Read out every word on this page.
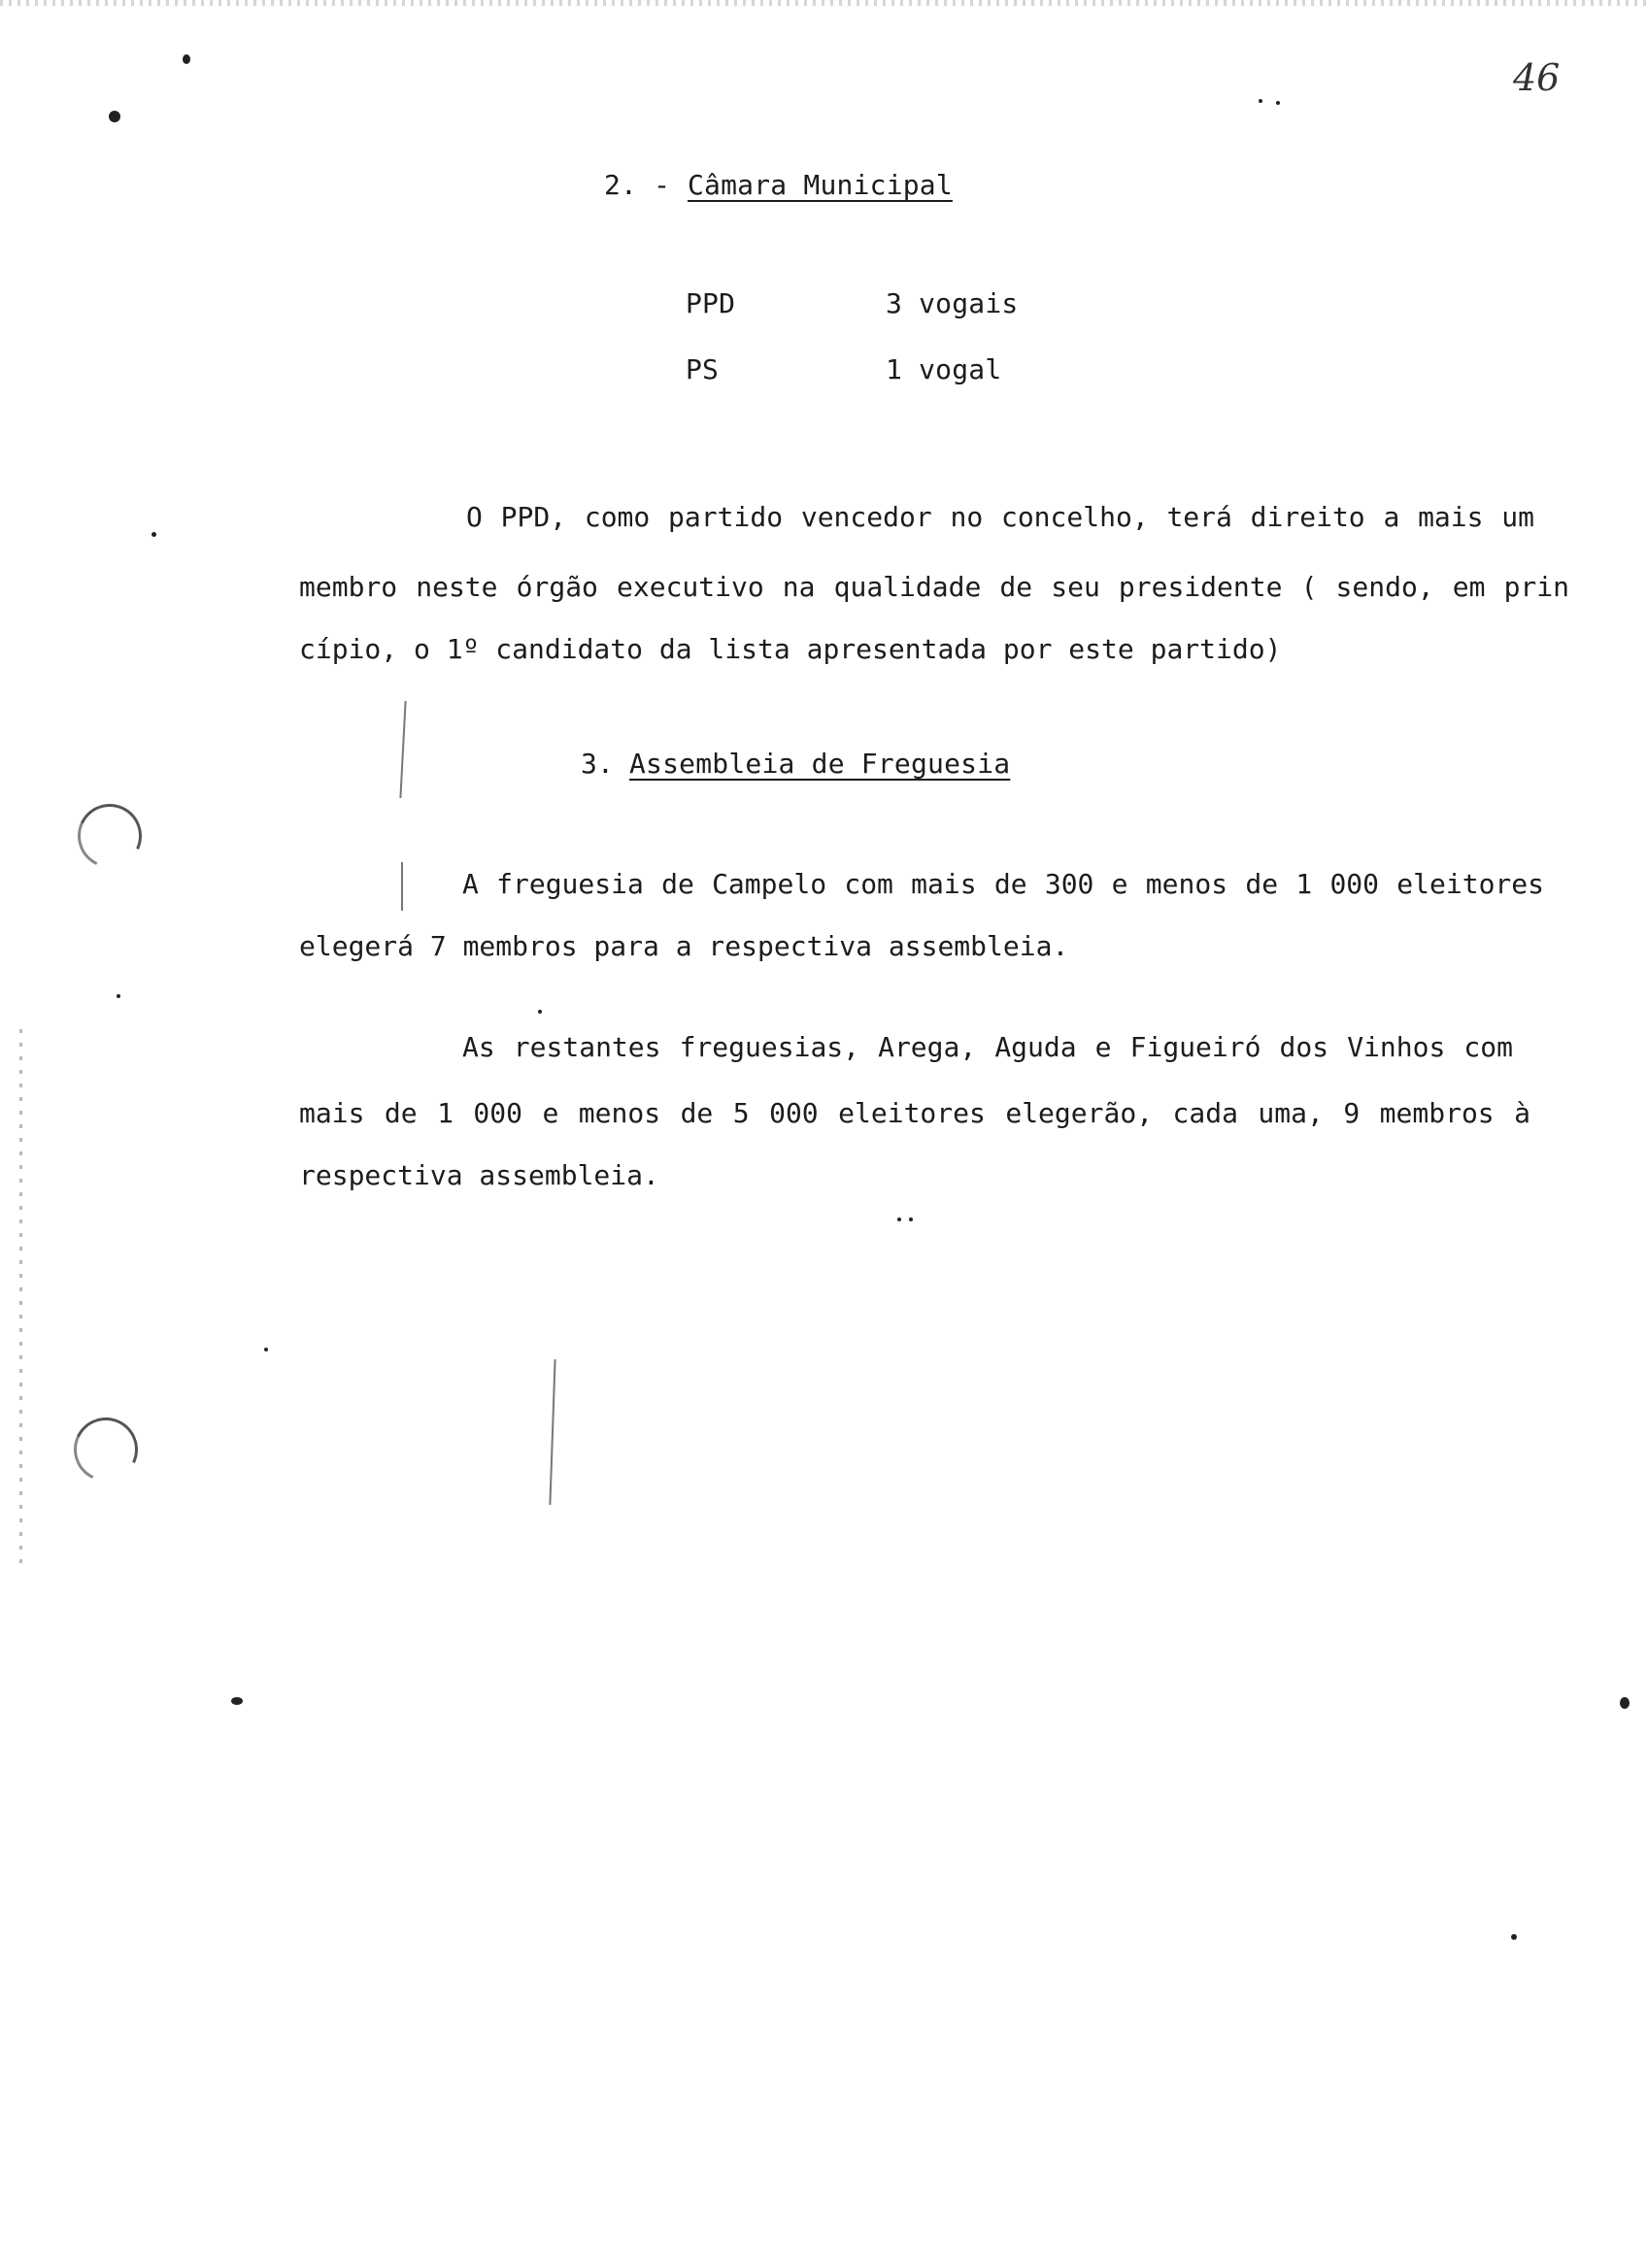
46
2. - Câmara Municipal
PPD	3 vogais
PS	1 vogal
O PPD, como partido vencedor no concelho, terá direito a mais um
membro neste órgão executivo na qualidade de seu presidente ( sendo, em prin
cípio, o 1º candidato da lista apresentada por este partido)
3. Assembleia de Freguesia
A freguesia de Campelo com mais de 300 e menos de 1 000 eleitores
elegerá 7 membros para a respectiva assembleia.
As restantes freguesias, Arega, Aguda e Figueiró dos Vinhos com
mais de 1 000 e menos de 5 000 eleitores elegerão, cada uma, 9 membros à
respectiva assembleia.
